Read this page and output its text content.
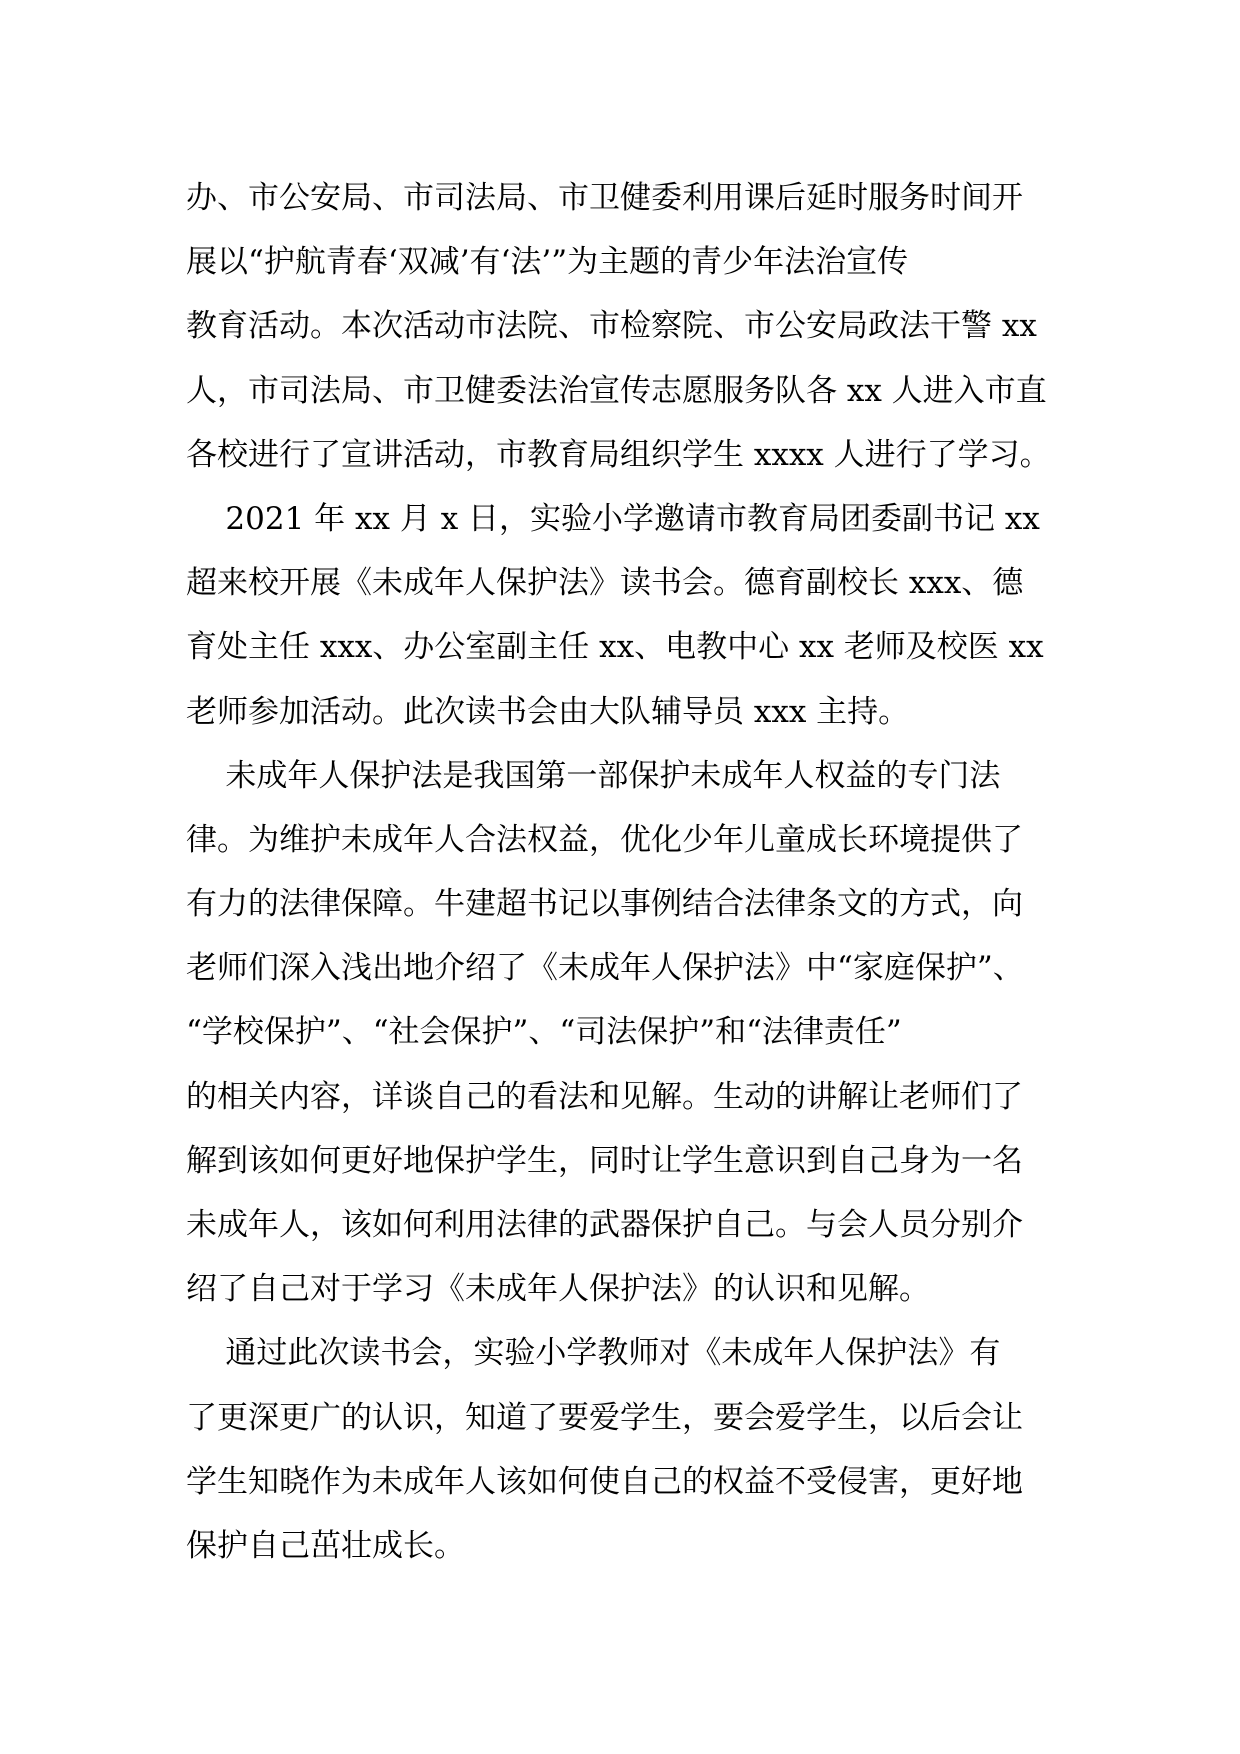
办、市公安局、市司法局、市卫健委利用课后延时服务时间开
展以“护航青春‘双减’有‘法’”为主题的青少年法治宣传
教育活动。本次活动市法院、市检察院、市公安局政法干警 xx
人，市司法局、市卫健委法治宣传志愿服务队各 xx 人进入市直
各校进行了宣讲活动，市教育局组织学生 xxxx 人进行了学习。
2021 年 xx 月 x 日，实验小学邀请市教育局团委副书记 xx
超来校开展《未成年人保护法》读书会。德育副校长 xxx、德
育处主任 xxx、办公室副主任 xx、电教中心 xx 老师及校医 xx
老师参加活动。此次读书会由大队辅导员 xxx 主持。
未成年人保护法是我国第一部保护未成年人权益的专门法
律。为维护未成年人合法权益，优化少年儿童成长环境提供了
有力的法律保障。牛建超书记以事例结合法律条文的方式，向
老师们深入浅出地介绍了《未成年人保护法》中“家庭保护”、
“学校保护”、“社会保护”、“司法保护”和“法律责任”
的相关内容，详谈自己的看法和见解。生动的讲解让老师们了
解到该如何更好地保护学生，同时让学生意识到自己身为一名
未成年人，该如何利用法律的武器保护自己。与会人员分别介
绍了自己对于学习《未成年人保护法》的认识和见解。
通过此次读书会，实验小学教师对《未成年人保护法》有
了更深更广的认识，知道了要爱学生，要会爱学生，以后会让
学生知晓作为未成年人该如何使自己的权益不受侵害，更好地
保护自己茁壮成长。
